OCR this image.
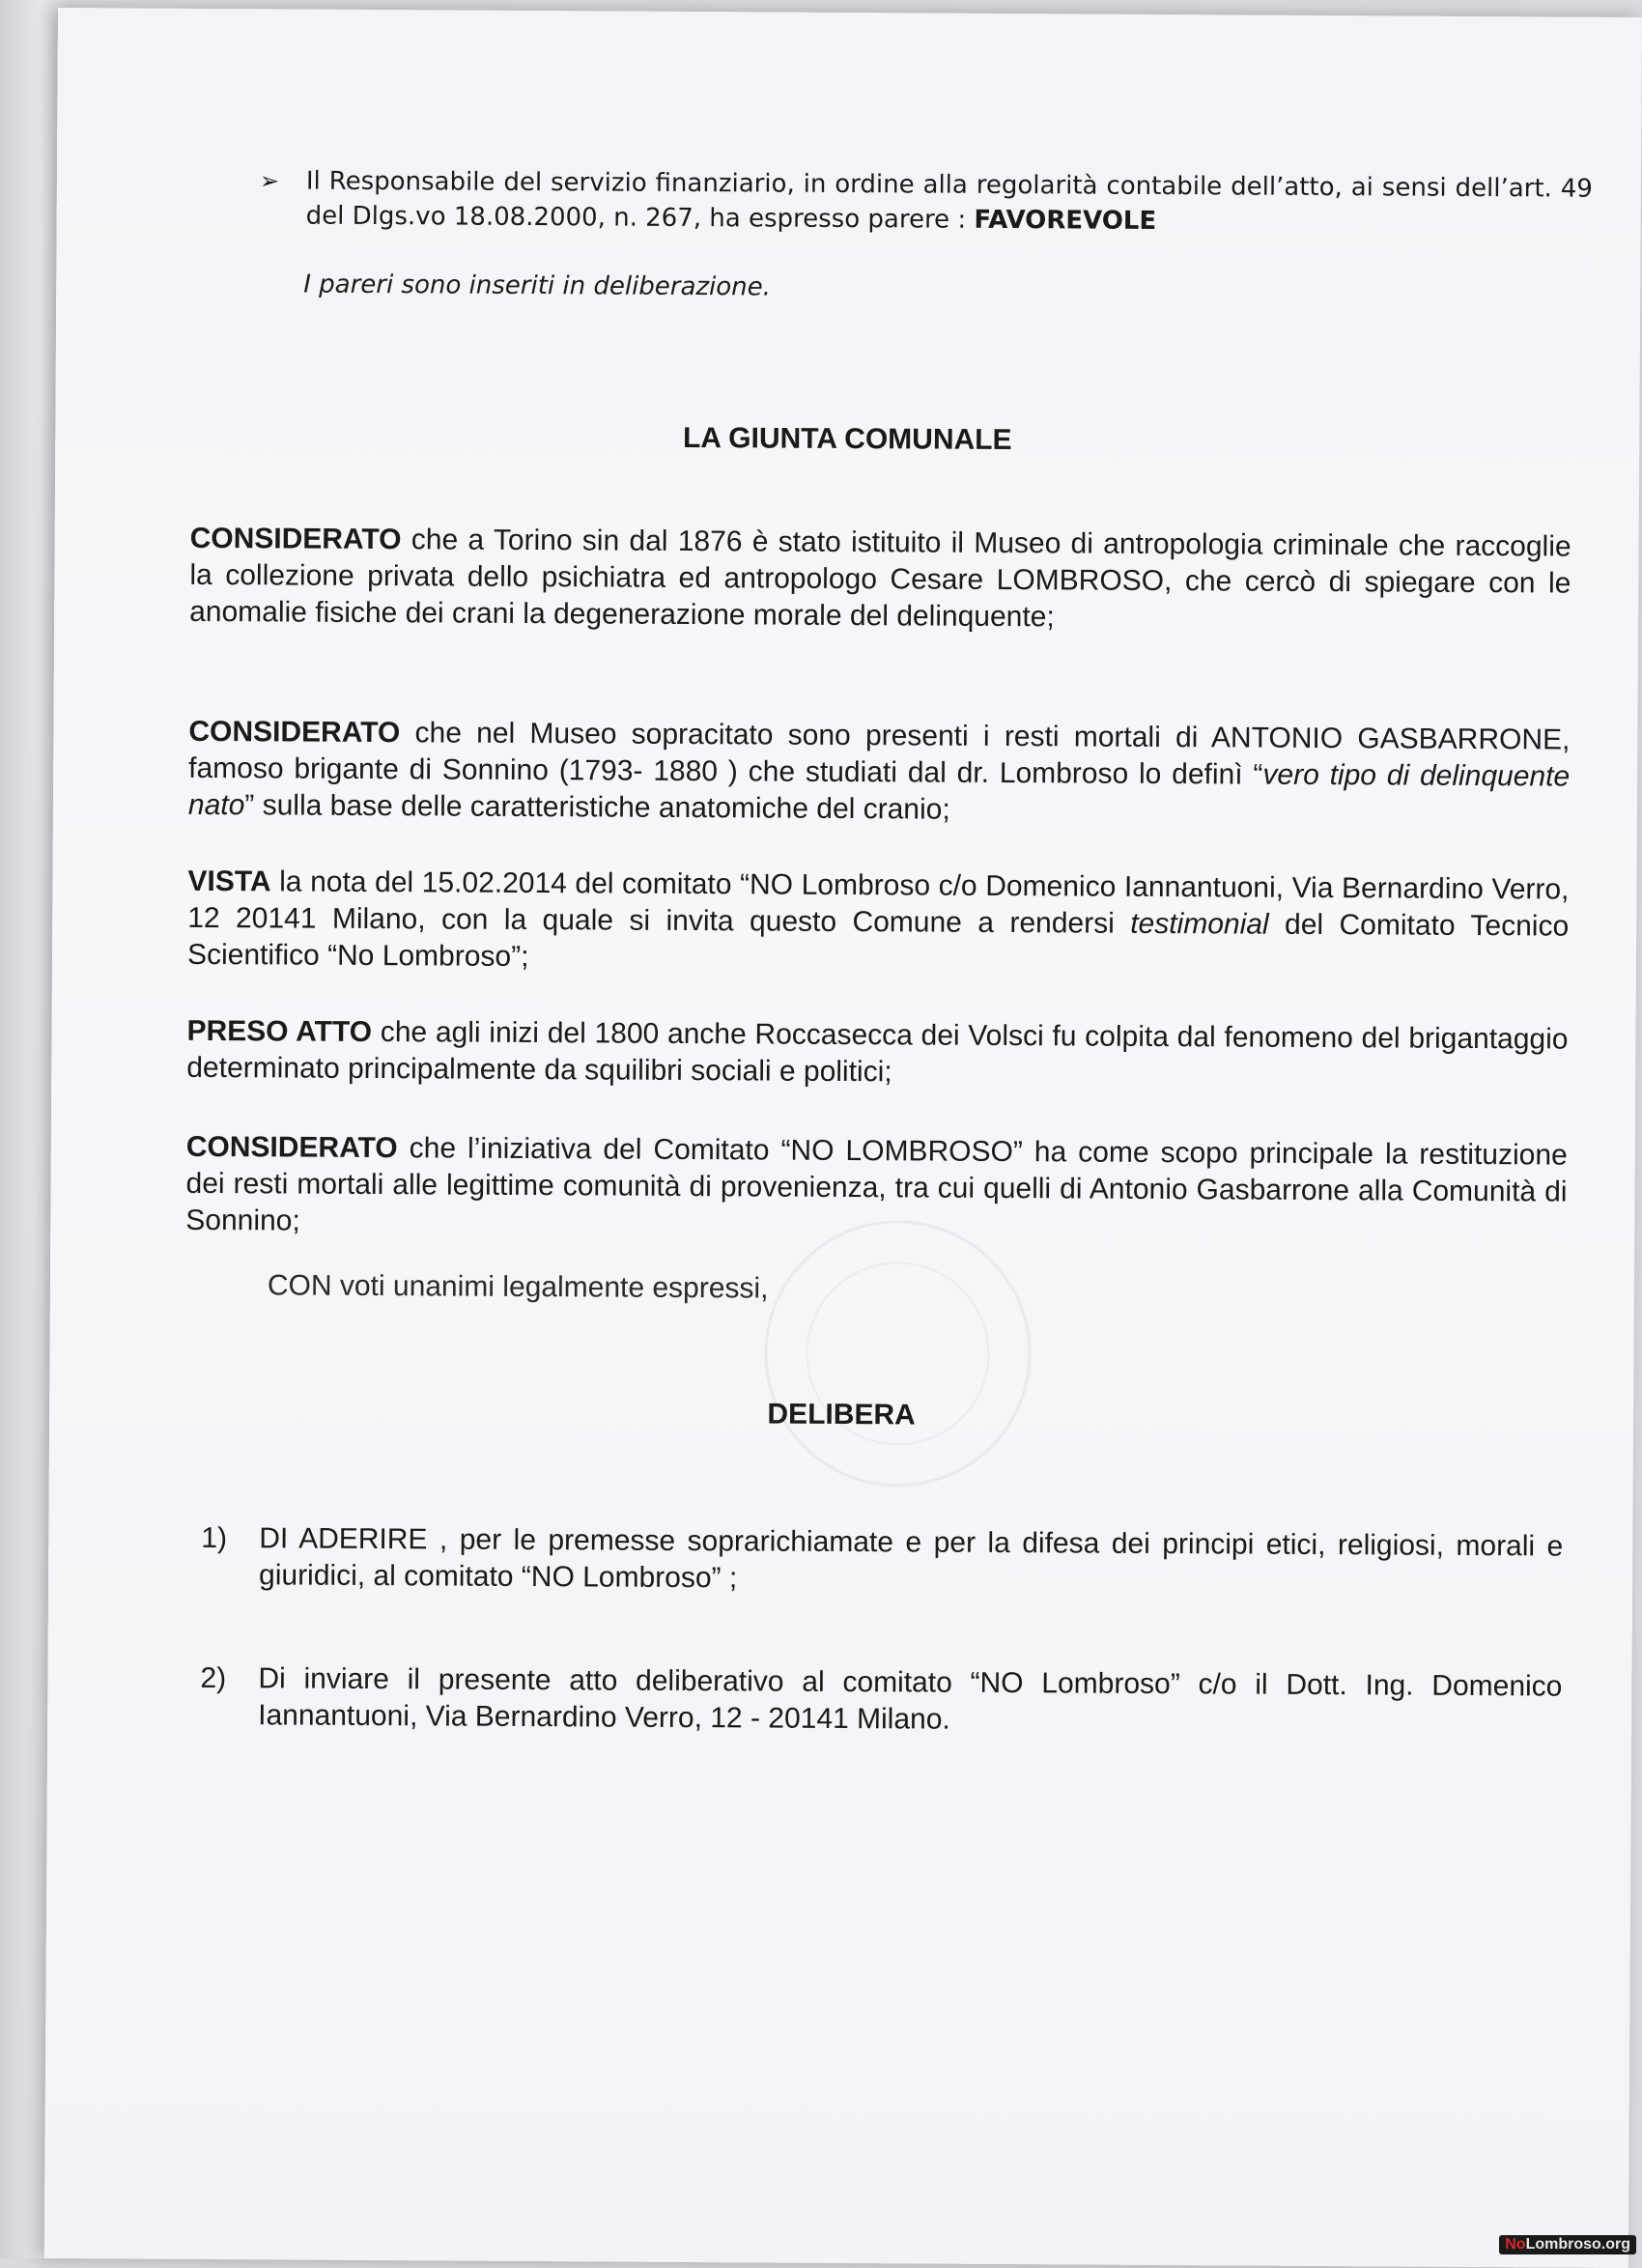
➢ Il Responsabile del servizio finanziario, in ordine alla regolarità contabile dell’atto, ai sensi dell’art. 49 del Dlgs.vo 18.08.2000, n. 267, ha espresso parere : FAVOREVOLE
I pareri sono inseriti in deliberazione.
LA GIUNTA COMUNALE
CONSIDERATO che a Torino sin dal 1876 è stato istituito il Museo di antropologia criminale che raccoglie la collezione privata dello psichiatra ed antropologo Cesare LOMBROSO, che cercò di spiegare con le anomalie fisiche dei crani la degenerazione morale del delinquente;
CONSIDERATO che nel Museo sopracitato sono presenti i resti mortali di ANTONIO GASBARRONE, famoso brigante di Sonnino (1793- 1880 ) che studiati dal dr. Lombroso lo definì “vero tipo di delinquente nato” sulla base delle caratteristiche anatomiche del cranio;
VISTA la nota del 15.02.2014 del comitato “NO Lombroso c/o Domenico Iannantuoni, Via Bernardino Verro, 12 20141 Milano, con la quale si invita questo Comune a rendersi testimonial del Comitato Tecnico Scientifico “No Lombroso”;
PRESO ATTO che agli inizi del 1800 anche Roccasecca dei Volsci fu colpita dal fenomeno del brigantaggio determinato principalmente da squilibri sociali e politici;
CONSIDERATO che l’iniziativa del Comitato “NO LOMBROSO” ha come scopo principale la restituzione dei resti mortali alle legittime comunità di provenienza, tra cui quelli di Antonio Gasbarrone alla Comunità di Sonnino;
CON voti unanimi legalmente espressi,
DELIBERA
1) DI ADERIRE , per le premesse soprarichiamate e per la difesa dei principi etici, religiosi, morali e giuridici, al comitato “NO Lombroso” ;
2) Di inviare il presente atto deliberativo al comitato “NO Lombroso” c/o il Dott. Ing. Domenico Iannantuoni, Via Bernardino Verro, 12 - 20141 Milano.
NoLombroso.org
